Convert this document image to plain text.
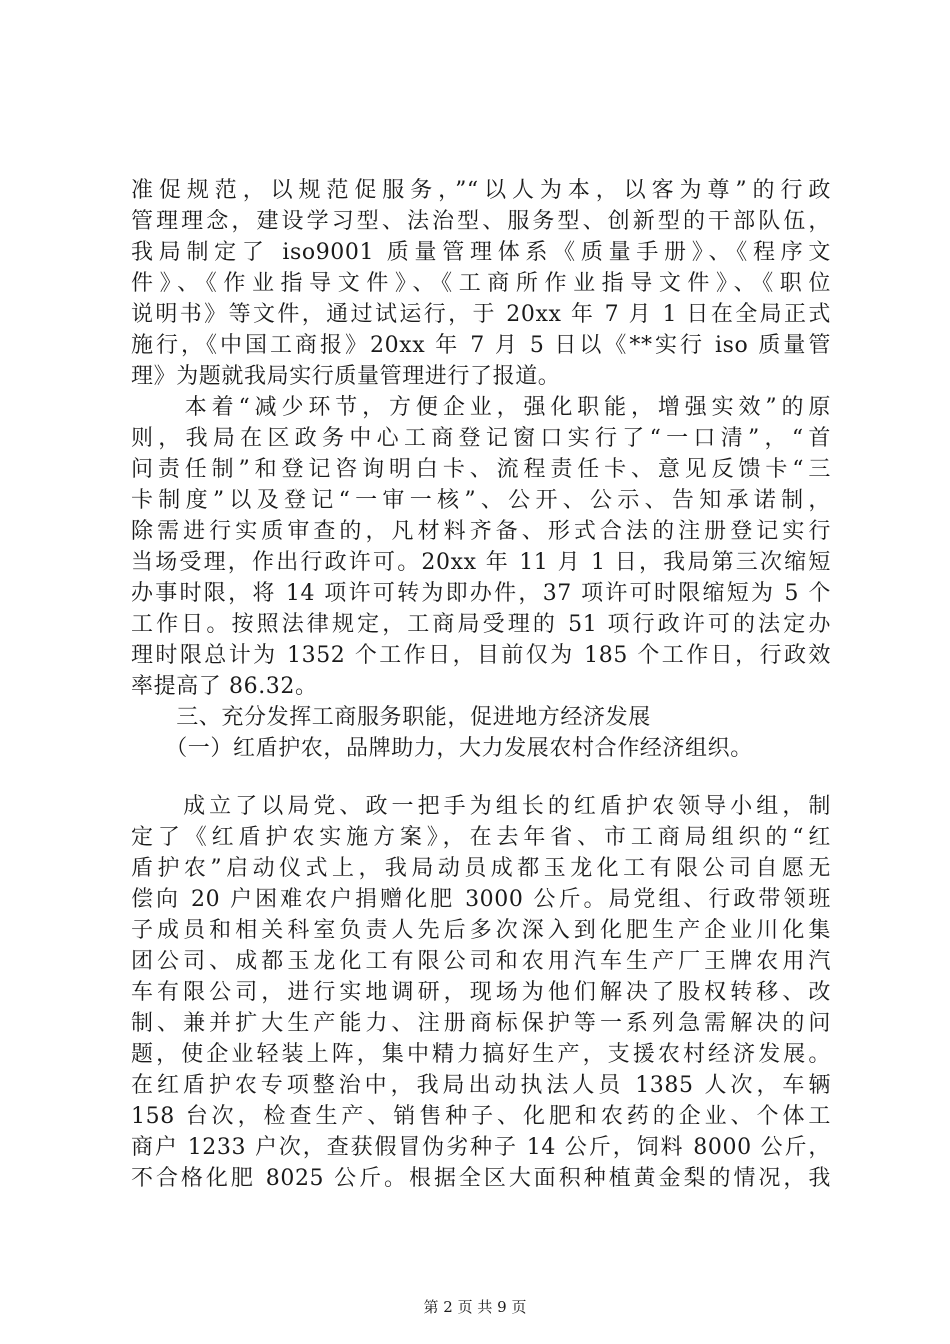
准促规范，以规范促服务，”“以人为本，以客为尊”的行政
管理理念，建设学习型、法治型、服务型、创新型的干部队伍，
我局制定了 iso9001 质量管理体系《质量手册》、《程序文
件》、《作业指导文件》、《工商所作业指导文件》、《职位
说明书》等文件，通过试运行，于 20xx 年 7 月 1 日在全局正式
施行，《中国工商报》20xx 年 7 月 5 日以《**实行 iso 质量管
理》为题就我局实行质量管理进行了报道。
　　本着“减少环节，方便企业，强化职能，增强实效”的原
则，我局在区政务中心工商登记窗口实行了“一口清”，“首
问责任制”和登记咨询明白卡、流程责任卡、意见反馈卡“三
卡制度”以及登记“一审一核”、公开、公示、告知承诺制，
除需进行实质审查的，凡材料齐备、形式合法的注册登记实行
当场受理，作出行政许可。20xx 年 11 月 1 日，我局第三次缩短
办事时限，将 14 项许可转为即办件，37 项许可时限缩短为 5 个
工作日。按照法律规定，工商局受理的 51 项行政许可的法定办
理时限总计为 1352 个工作日，目前仅为 185 个工作日，行政效
率提高了 86.32。
　　三、充分发挥工商服务职能，促进地方经济发展
　　（一）红盾护农，品牌助力，大力发展农村合作经济组织。
　　成立了以局党、政一把手为组长的红盾护农领导小组，制
定了《红盾护农实施方案》，在去年省、市工商局组织的“红
盾护农”启动仪式上，我局动员成都玉龙化工有限公司自愿无
偿向 20 户困难农户捐赠化肥 3000 公斤。局党组、行政带领班
子成员和相关科室负责人先后多次深入到化肥生产企业川化集
团公司、成都玉龙化工有限公司和农用汽车生产厂王牌农用汽
车有限公司，进行实地调研，现场为他们解决了股权转移、改
制、兼并扩大生产能力、注册商标保护等一系列急需解决的问
题，使企业轻装上阵，集中精力搞好生产，支援农村经济发展。
在红盾护农专项整治中，我局出动执法人员 1385 人次，车辆
158 台次，检查生产、销售种子、化肥和农药的企业、个体工
商户 1233 户次，查获假冒伪劣种子 14 公斤，饲料 8000 公斤，
不合格化肥 8025 公斤。根据全区大面积种植黄金梨的情况，我
第 2 页 共 9 页
